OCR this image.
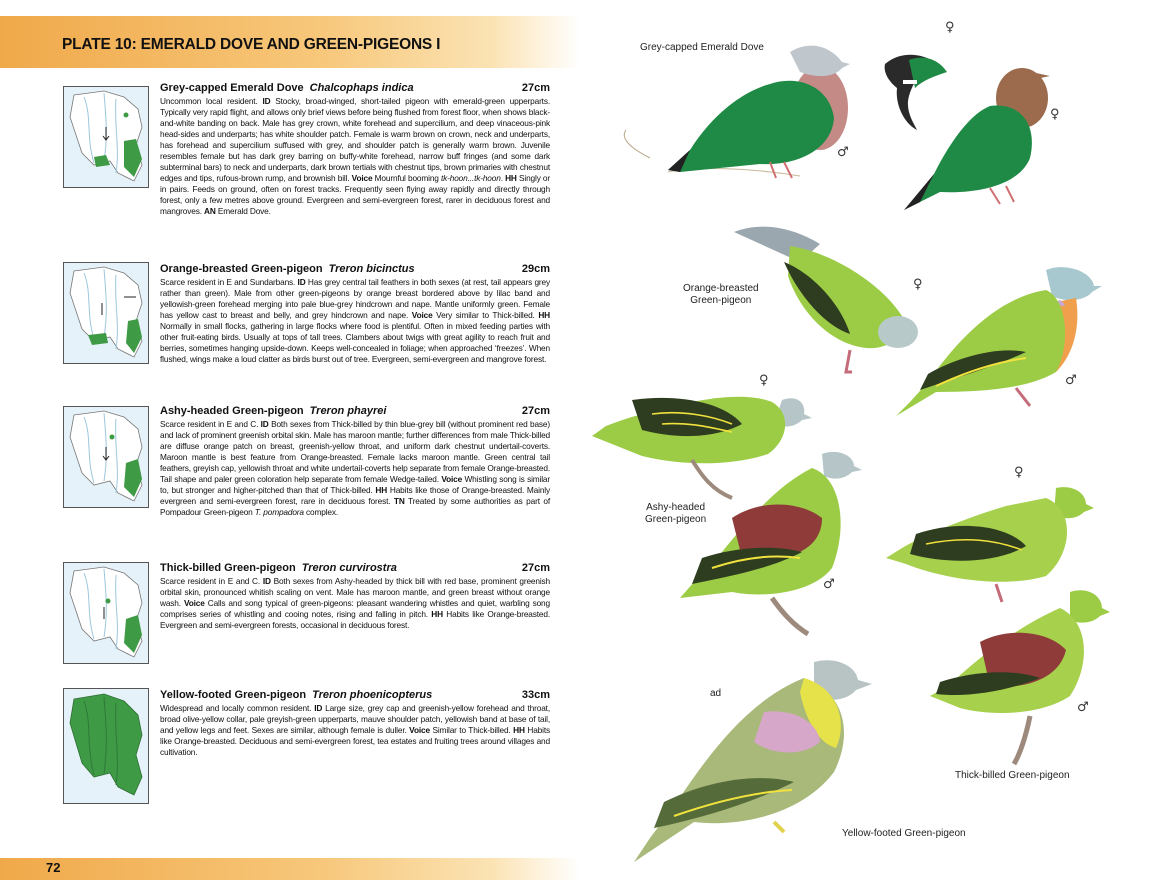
PLATE 10: EMERALD DOVE AND GREEN-PIGEONS I
Grey-capped Emerald Dove Chalcophaps indica	27cm
Uncommon local resident. ID Stocky, broad-winged, short-tailed pigeon with emerald-green upperparts. Typically very rapid flight, and allows only brief views before being flushed from forest floor, when shows black-and-white banding on back. Male has grey crown, white forehead and supercilium, and deep vinaceous-pink head-sides and underparts; has white shoulder patch. Female is warm brown on crown, neck and underparts, has forehead and supercilium suffused with grey, and shoulder patch is generally warm brown. Juvenile resembles female but has dark grey barring on buffy-white forehead, narrow buff fringes (and some dark subterminal bars) to neck and underparts, dark brown tertials with chestnut tips, brown primaries with chestnut edges and tips, rufous-brown rump, and brownish bill. Voice Mournful booming tk-hoon...tk-hoon. HH Singly or in pairs. Feeds on ground, often on forest tracks. Frequently seen flying away rapidly and directly through forest, only a few metres above ground. Evergreen and semi-evergreen forest, rarer in deciduous forest and mangroves. AN Emerald Dove.
Orange-breasted Green-pigeon Treron bicinctus	29cm
Scarce resident in E and Sundarbans. ID Has grey central tail feathers in both sexes (at rest, tail appears grey rather than green). Male from other green-pigeons by orange breast bordered above by lilac band and yellowish-green forehead merging into pale blue-grey hindcrown and nape. Mantle uniformly green. Female has yellow cast to breast and belly, and grey hindcrown and nape. Voice Very similar to Thick-billed. HH Normally in small flocks, gathering in large flocks where food is plentiful. Often in mixed feeding parties with other fruit-eating birds. Usually at tops of tall trees. Clambers about twigs with great agility to reach fruit and berries, sometimes hanging upside-down. Keeps well-concealed in foliage; when approached ‘freezes’. When flushed, wings make a loud clatter as birds burst out of tree. Evergreen, semi-evergreen and mangrove forest.
Ashy-headed Green-pigeon Treron phayrei	27cm
Scarce resident in E and C. ID Both sexes from Thick-billed by thin blue-grey bill (without prominent red base) and lack of prominent greenish orbital skin. Male has maroon mantle; further differences from male Thick-billed are diffuse orange patch on breast, greenish-yellow throat, and uniform dark chestnut undertail-coverts. Maroon mantle is best feature from Orange-breasted. Female lacks maroon mantle. Green central tail feathers, greyish cap, yellowish throat and white undertail-coverts help separate from female Orange-breasted. Tail shape and paler green coloration help separate from female Wedge-tailed. Voice Whistling song is similar to, but stronger and higher-pitched than that of Thick-billed. HH Habits like those of Orange-breasted. Mainly evergreen and semi-evergreen forest, rare in deciduous forest. TN Treated by some authorities as part of Pompadour Green-pigeon T. pompadora complex.
Thick-billed Green-pigeon Treron curvirostra	27cm
Scarce resident in E and C. ID Both sexes from Ashy-headed by thick bill with red base, prominent greenish orbital skin, pronounced whitish scaling on vent. Male has maroon mantle, and green breast without orange wash. Voice Calls and song typical of green-pigeons: pleasant wandering whistles and quiet, warbling song comprises series of whistling and cooing notes, rising and falling in pitch. HH Habits like Orange-breasted. Evergreen and semi-evergreen forests, occasional in deciduous forest.
Yellow-footed Green-pigeon Treron phoenicopterus	33cm
Widespread and locally common resident. ID Large size, grey cap and greenish-yellow forehead and throat, broad olive-yellow collar, pale greyish-green upperparts, mauve shoulder patch, yellowish band at base of tail, and yellow legs and feet. Sexes are similar, although female is duller. Voice Similar to Thick-billed. HH Habits like Orange-breasted. Deciduous and semi-evergreen forest, tea estates and fruiting trees around villages and cultivation.
72
Grey-capped Emerald Dove
Orange-breasted
Green-pigeon
Ashy-headed
Green-pigeon
Thick-billed Green-pigeon
Yellow-footed Green-pigeon
ad
♂
♀
♀
♀
♂
♀
♀
♂
♂
